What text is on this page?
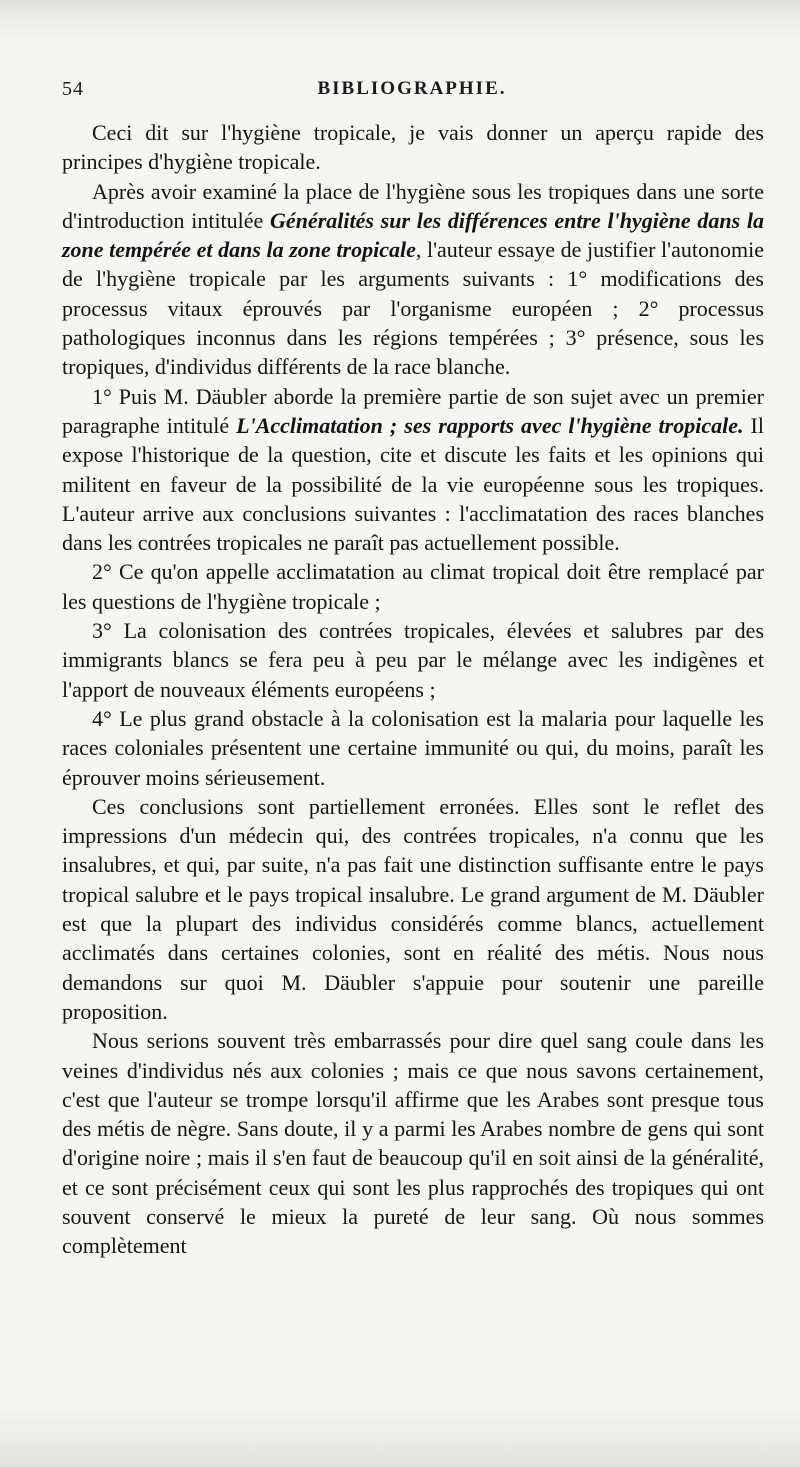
54	BIBLIOGRAPHIE.

Ceci dit sur l'hygiène tropicale, je vais donner un aperçu rapide des principes d'hygiène tropicale.

Après avoir examiné la place de l'hygiène sous les tropiques dans une sorte d'introduction intitulée Généralités sur les différences entre l'hygiène dans la zone tempérée et dans la zone tropicale, l'auteur essaye de justifier l'autonomie de l'hygiène tropicale par les arguments suivants : 1° modifications des processus vitaux éprouvés par l'organisme européen ; 2° processus pathologiques inconnus dans les régions tempérées ; 3° présence, sous les tropiques, d'individus différents de la race blanche.

1° Puis M. Däubler aborde la première partie de son sujet avec un premier paragraphe intitulé L'Acclimatation ; ses rapports avec l'hygiène tropicale. Il expose l'historique de la question, cite et discute les faits et les opinions qui militent en faveur de la possibilité de la vie européenne sous les tropiques. L'auteur arrive aux conclusions suivantes : l'acclimatation des races blanches dans les contrées tropicales ne paraît pas actuellement possible.

2° Ce qu'on appelle acclimatation au climat tropical doit être remplacé par les questions de l'hygiène tropicale ;

3° La colonisation des contrées tropicales, élevées et salubres par des immigrants blancs se fera peu à peu par le mélange avec les indigènes et l'apport de nouveaux éléments européens ;

4° Le plus grand obstacle à la colonisation est la malaria pour laquelle les races coloniales présentent une certaine immunité ou qui, du moins, paraît les éprouver moins sérieusement.

Ces conclusions sont partiellement erronées. Elles sont le reflet des impressions d'un médecin qui, des contrées tropicales, n'a connu que les insalubres, et qui, par suite, n'a pas fait une distinction suffisante entre le pays tropical salubre et le pays tropical insalubre. Le grand argument de M. Däubler est que la plupart des individus considérés comme blancs, actuellement acclimatés dans certaines colonies, sont en réalité des métis. Nous nous demandons sur quoi M. Däubler s'appuie pour soutenir une pareille proposition.

Nous serions souvent très embarrassés pour dire quel sang coule dans les veines d'individus nés aux colonies ; mais ce que nous savons certainement, c'est que l'auteur se trompe lorsqu'il affirme que les Arabes sont presque tous des métis de nègre. Sans doute, il y a parmi les Arabes nombre de gens qui sont d'origine noire ; mais il s'en faut de beaucoup qu'il en soit ainsi de la généralité, et ce sont précisément ceux qui sont les plus rapprochés des tropiques qui ont souvent conservé le mieux la pureté de leur sang. Où nous sommes complètement
